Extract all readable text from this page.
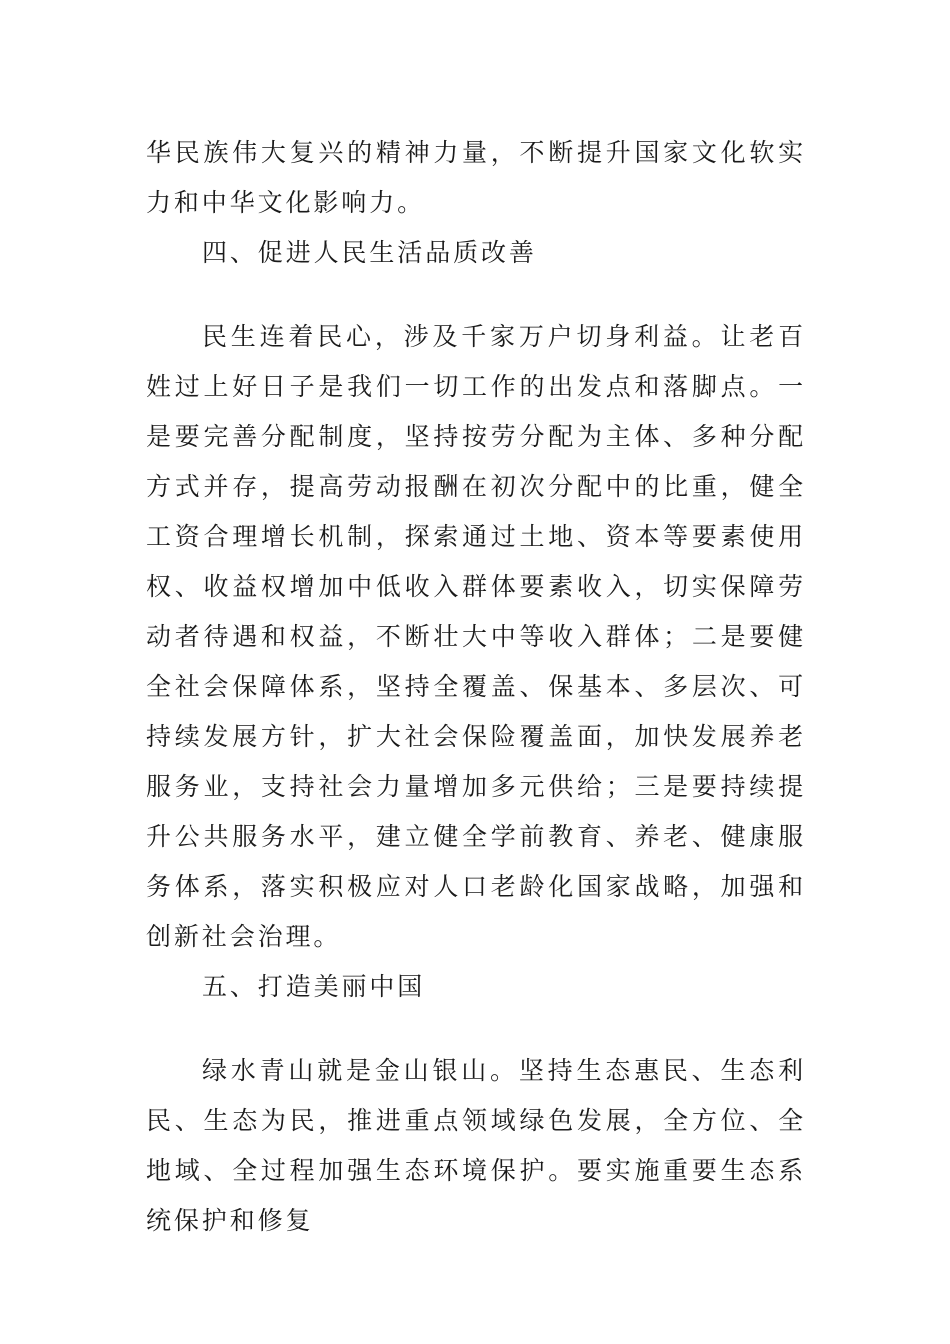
华民族伟大复兴的精神力量，不断提升国家文化软实力和中华文化影响力。

四、促进人民生活品质改善

民生连着民心，涉及千家万户切身利益。让老百姓过上好日子是我们一切工作的出发点和落脚点。一是要完善分配制度，坚持按劳分配为主体、多种分配方式并存，提高劳动报酬在初次分配中的比重，健全工资合理增长机制，探索通过土地、资本等要素使用权、收益权增加中低收入群体要素收入，切实保障劳动者待遇和权益，不断壮大中等收入群体；二是要健全社会保障体系，坚持全覆盖、保基本、多层次、可持续发展方针，扩大社会保险覆盖面，加快发展养老服务业，支持社会力量增加多元供给；三是要持续提升公共服务水平，建立健全学前教育、养老、健康服务体系，落实积极应对人口老龄化国家战略，加强和创新社会治理。

五、打造美丽中国

绿水青山就是金山银山。坚持生态惠民、生态利民、生态为民，推进重点领域绿色发展，全方位、全地域、全过程加强生态环境保护。要实施重要生态系统保护和修复
